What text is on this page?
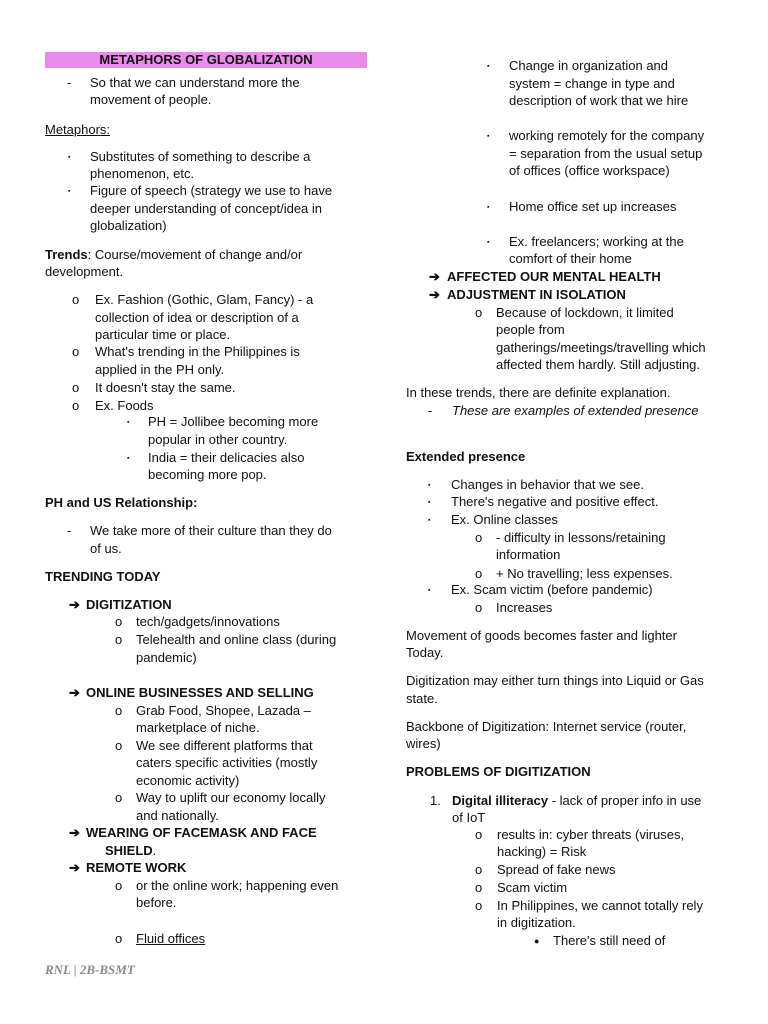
METAPHORS OF GLOBALIZATION
- So that we can understand more the
movement of people.
Metaphors:
▪ Substitutes of something to describe a
phenomenon, etc.
▪ Figure of speech (strategy we use to have
deeper understanding of concept/idea in
globalization)
Trends: Course/movement of change and/or
development.
o Ex. Fashion (Gothic, Glam, Fancy) - a
collection of idea or description of a
particular time or place.
o What's trending in the Philippines is
applied in the PH only.
o It doesn't stay the same.
o Ex. Foods
▪ PH = Jollibee becoming more
popular in other country.
▪ India = their delicacies also
becoming more pop.
PH and US Relationship:
- We take more of their culture than they do
of us.
TRENDING TODAY
➔ DIGITIZATION
o tech/gadgets/innovations
o Telehealth and online class (during
pandemic)
➔ ONLINE BUSINESSES AND SELLING
o Grab Food, Shopee, Lazada –
marketplace of niche.
o We see different platforms that
caters specific activities (mostly
economic activity)
o Way to uplift our economy locally
and nationally.
➔ WEARING OF FACEMASK AND FACE
SHIELD.
➔ REMOTE WORK
o or the online work; happening even
before.
o Fluid offices
▪ Change in organization and
system = change in type and
description of work that we hire
▪ working remotely for the company
= separation from the usual setup
of offices (office workspace)
▪ Home office set up increases
▪ Ex. freelancers; working at the
comfort of their home
➔ AFFECTED OUR MENTAL HEALTH
➔ ADJUSTMENT IN ISOLATION
o Because of lockdown, it limited
people from
gatherings/meetings/travelling which
affected them hardly. Still adjusting.
In these trends, there are definite explanation.
- These are examples of extended presence
Extended presence
▪ Changes in behavior that we see.
▪ There's negative and positive effect.
▪ Ex. Online classes
o - difficulty in lessons/retaining
information
o + No travelling; less expenses.
▪ Ex. Scam victim (before pandemic)
o Increases
Movement of goods becomes faster and lighter
Today.
Digitization may either turn things into Liquid or Gas
state.
Backbone of Digitization: Internet service (router,
wires)
PROBLEMS OF DIGITIZATION
1. Digital illiteracy - lack of proper info in use
of IoT
o results in: cyber threats (viruses,
hacking) = Risk
o Spread of fake news
o Scam victim
o In Philippines, we cannot totally rely
in digitization.
● There's still need of
RNL | 2B-BSMT
